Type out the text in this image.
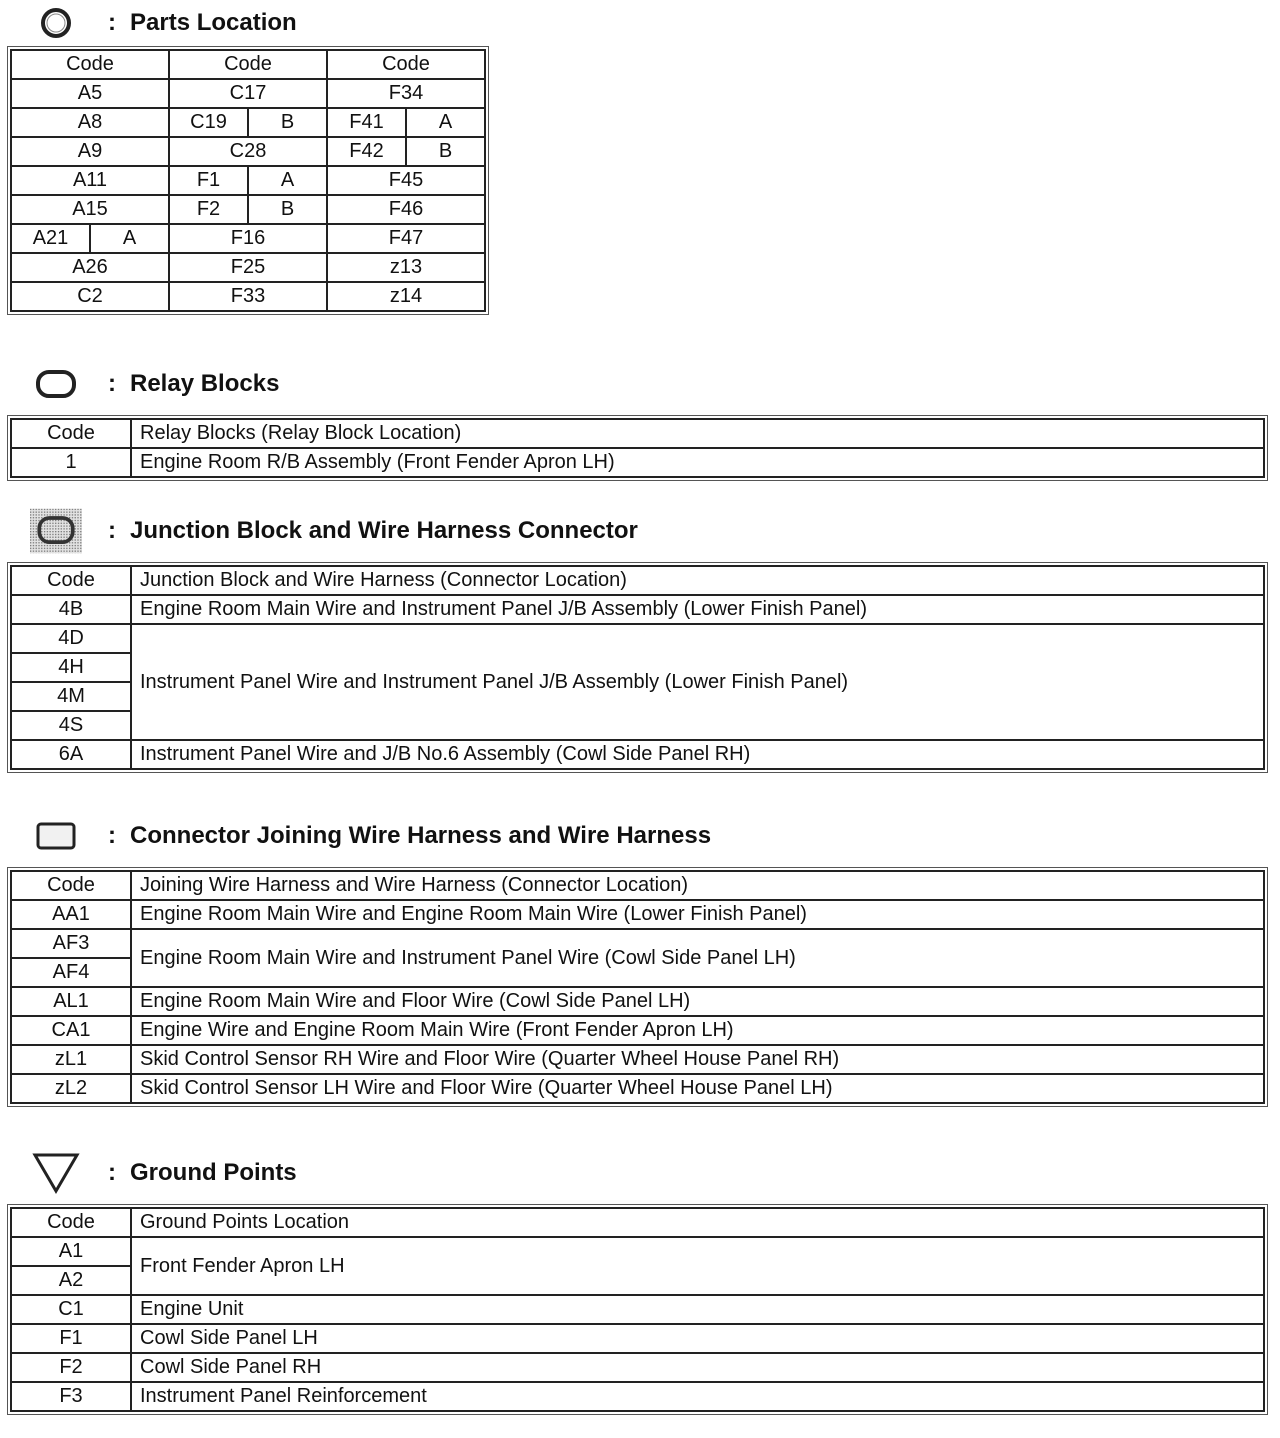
: Parts Location
Code		Code		Code	
A5		C17		F34	
A8		C19	B	F41	A
A9		C28		F42	B
A11		F1	A	F45	
A15		F2	B	F46	
A21	A	F16		F47	
A26		F25		z13	
C2		F33		z14	
: Relay Blocks
Code	Relay Blocks (Relay Block Location)
1	Engine Room R/B Assembly (Front Fender Apron LH)
: Junction Block and Wire Harness Connector
Code	Junction Block and Wire Harness (Connector Location)
4B	Engine Room Main Wire and Instrument Panel J/B Assembly (Lower Finish Panel)
4D	Instrument Panel Wire and Instrument Panel J/B Assembly (Lower Finish Panel)
4H	
4M	
4S	
6A	Instrument Panel Wire and J/B No.6 Assembly (Cowl Side Panel RH)
: Connector Joining Wire Harness and Wire Harness
Code	Joining Wire Harness and Wire Harness (Connector Location)
AA1	Engine Room Main Wire and Engine Room Main Wire (Lower Finish Panel)
AF3	Engine Room Main Wire and Instrument Panel Wire (Cowl Side Panel LH)
AF4	
AL1	Engine Room Main Wire and Floor Wire (Cowl Side Panel LH)
CA1	Engine Wire and Engine Room Main Wire (Front Fender Apron LH)
zL1	Skid Control Sensor RH Wire and Floor Wire (Quarter Wheel House Panel RH)
zL2	Skid Control Sensor LH Wire and Floor Wire (Quarter Wheel House Panel LH)
: Ground Points
Code	Ground Points Location
A1	Front Fender Apron LH
A2	
C1	Engine Unit
F1	Cowl Side Panel LH
F2	Cowl Side Panel RH
F3	Instrument Panel Reinforcement
